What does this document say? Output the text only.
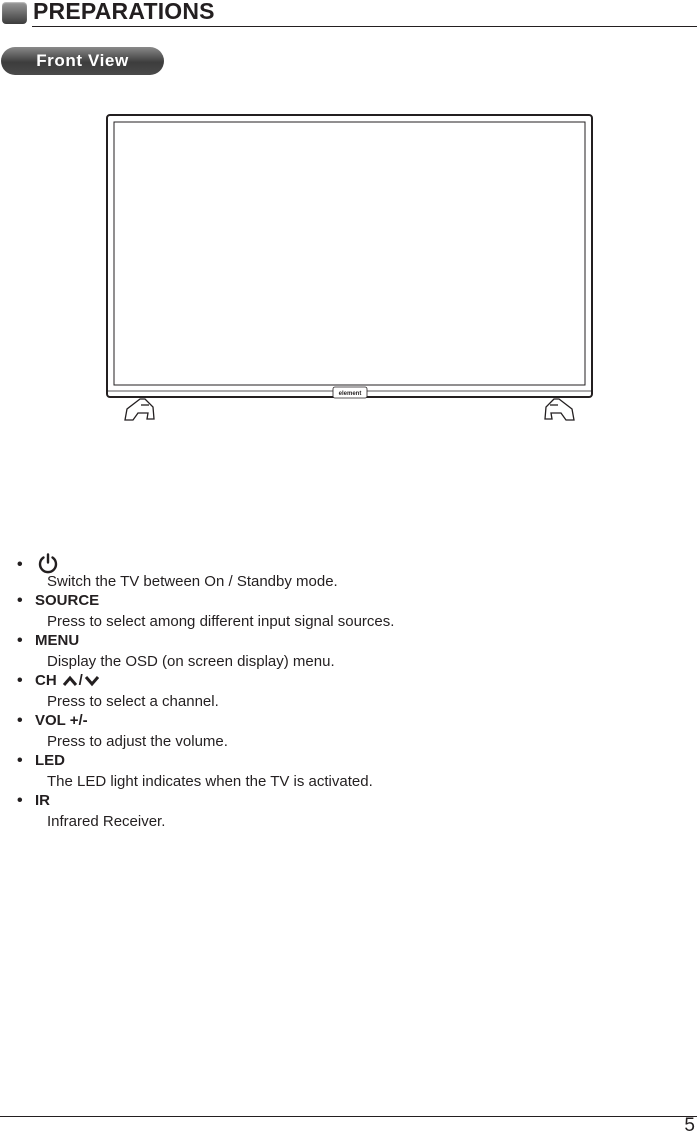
PREPARATIONS
Front View
element
•
Switch the TV between On / Standby mode.
• SOURCE
Press to select among different input signal sources.
• MENU
Display the OSD (on screen display) menu.
• CH /
Press to select a channel.
• VOL +/-
Press to adjust the volume.
• LED
The LED light indicates when the TV is activated.
• IR
Infrared Receiver.
5
